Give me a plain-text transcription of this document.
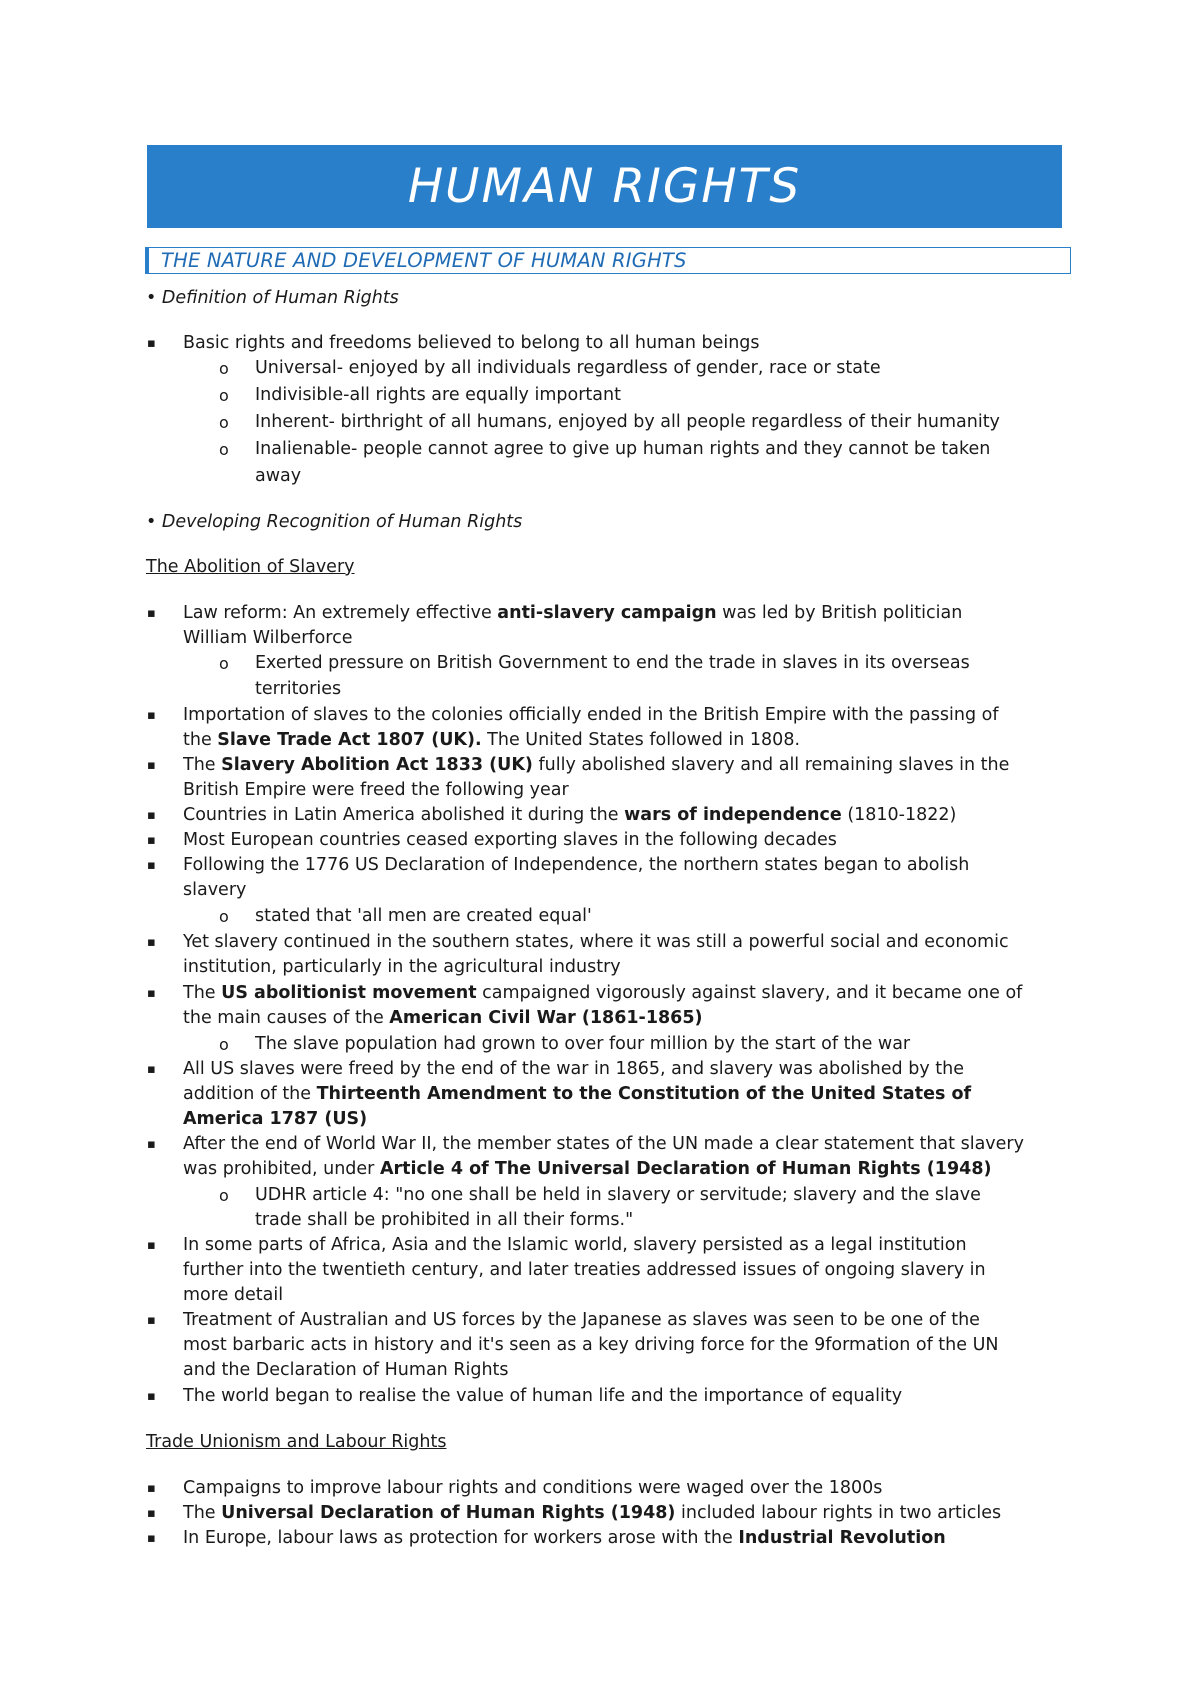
HUMAN RIGHTS
THE NATURE AND DEVELOPMENT OF HUMAN RIGHTS
• Definition of Human Rights
▪ Basic rights and freedoms believed to belong to all human beings
o Universal- enjoyed by all individuals regardless of gender, race or state
o Indivisible-all rights are equally important
o Inherent- birthright of all humans, enjoyed by all people regardless of their humanity
o Inalienable- people cannot agree to give up human rights and they cannot be taken
away
• Developing Recognition of Human Rights
The Abolition of Slavery
▪ Law reform: An extremely effective anti-slavery campaign was led by British politician
William Wilberforce
o Exerted pressure on British Government to end the trade in slaves in its overseas
territories
▪ Importation of slaves to the colonies officially ended in the British Empire with the passing of
the Slave Trade Act 1807 (UK). The United States followed in 1808.
▪ The Slavery Abolition Act 1833 (UK) fully abolished slavery and all remaining slaves in the
British Empire were freed the following year
▪ Countries in Latin America abolished it during the wars of independence (1810-1822)
▪ Most European countries ceased exporting slaves in the following decades
▪ Following the 1776 US Declaration of Independence, the northern states began to abolish
slavery
o stated that 'all men are created equal'
▪ Yet slavery continued in the southern states, where it was still a powerful social and economic
institution, particularly in the agricultural industry
▪ The US abolitionist movement campaigned vigorously against slavery, and it became one of
the main causes of the American Civil War (1861-1865)
o The slave population had grown to over four million by the start of the war
▪ All US slaves were freed by the end of the war in 1865, and slavery was abolished by the
addition of the Thirteenth Amendment to the Constitution of the United States of
America 1787 (US)
▪ After the end of World War II, the member states of the UN made a clear statement that slavery
was prohibited, under Article 4 of The Universal Declaration of Human Rights (1948)
o UDHR article 4: "no one shall be held in slavery or servitude; slavery and the slave
trade shall be prohibited in all their forms."
▪ In some parts of Africa, Asia and the Islamic world, slavery persisted as a legal institution
further into the twentieth century, and later treaties addressed issues of ongoing slavery in
more detail
▪ Treatment of Australian and US forces by the Japanese as slaves was seen to be one of the
most barbaric acts in history and it's seen as a key driving force for the 9formation of the UN
and the Declaration of Human Rights
▪ The world began to realise the value of human life and the importance of equality
Trade Unionism and Labour Rights
▪ Campaigns to improve labour rights and conditions were waged over the 1800s
▪ The Universal Declaration of Human Rights (1948) included labour rights in two articles
▪ In Europe, labour laws as protection for workers arose with the Industrial Revolution
